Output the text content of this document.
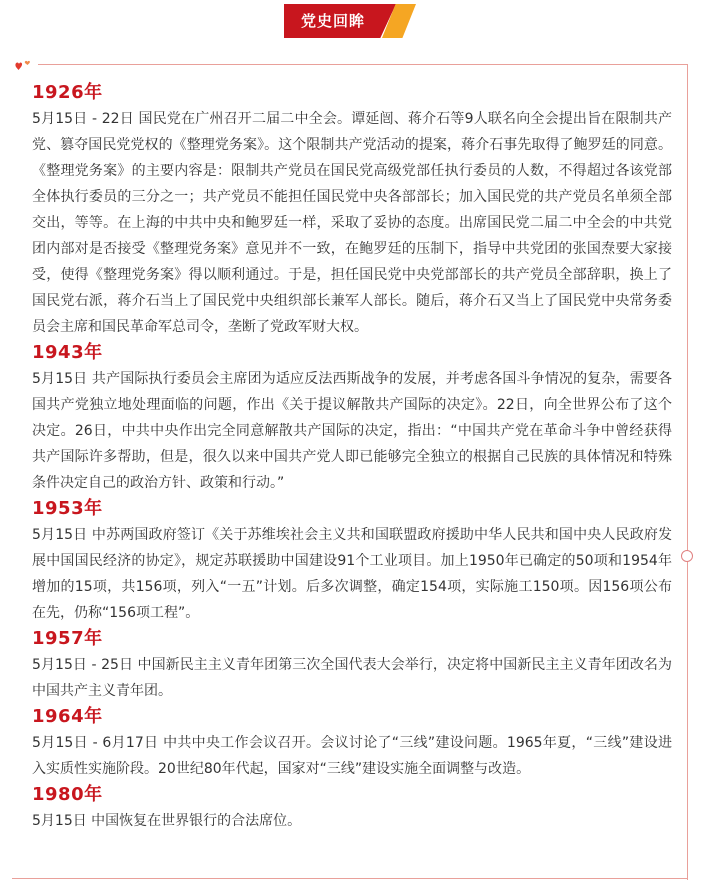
党史回眸
1926年

5月15日 - 22日 国民党在广州召开二届二中全会。谭延闿、蒋介石等9人联名向全会提出旨在限制共产党、篡夺国民党党权的《整理党务案》。这个限制共产党活动的提案，蒋介石事先取得了鲍罗廷的同意。《整理党务案》的主要内容是：限制共产党员在国民党高级党部任执行委员的人数，不得超过各该党部全体执行委员的三分之一；共产党员不能担任国民党中央各部部长；加入国民党的共产党员名单须全部交出，等等。在上海的中共中央和鲍罗廷一样，采取了妥协的态度。出席国民党二届二中全会的中共党团内部对是否接受《整理党务案》意见并不一致，在鲍罗廷的压制下，指导中共党团的张国焘要大家接受，使得《整理党务案》得以顺利通过。于是，担任国民党中央党部部长的共产党员全部辞职，换上了国民党右派，蒋介石当上了国民党中央组织部长兼军人部长。随后，蒋介石又当上了国民党中央常务委员会主席和国民革命军总司令，垄断了党政军财大权。

1943年

5月15日 共产国际执行委员会主席团为适应反法西斯战争的发展，并考虑各国斗争情况的复杂，需要各国共产党独立地处理面临的问题，作出《关于提议解散共产国际的决定》。22日，向全世界公布了这个决定。26日，中共中央作出完全同意解散共产国际的决定，指出：“中国共产党在革命斗争中曾经获得共产国际许多帮助，但是，很久以来中国共产党人即已能够完全独立的根据自己民族的具体情况和特殊条件决定自己的政治方针、政策和行动。”

1953年

5月15日 中苏两国政府签订《关于苏维埃社会主义共和国联盟政府援助中华人民共和国中央人民政府发展中国国民经济的协定》，规定苏联援助中国建设91个工业项目。加上1950年已确定的50项和1954年增加的15项，共156项，列入“一五”计划。后多次调整，确定154项，实际施工150项。因156项公布在先，仍称“156项工程”。

1957年

5月15日 - 25日 中国新民主主义青年团第三次全国代表大会举行，决定将中国新民主主义青年团改名为中国共产主义青年团。

1964年

5月15日 - 6月17日 中共中央工作会议召开。会议讨论了“三线”建设问题。1965年夏，“三线”建设进入实质性实施阶段。20世纪80年代起，国家对“三线”建设实施全面调整与改造。

1980年

5月15日 中国恢复在世界银行的合法席位。
